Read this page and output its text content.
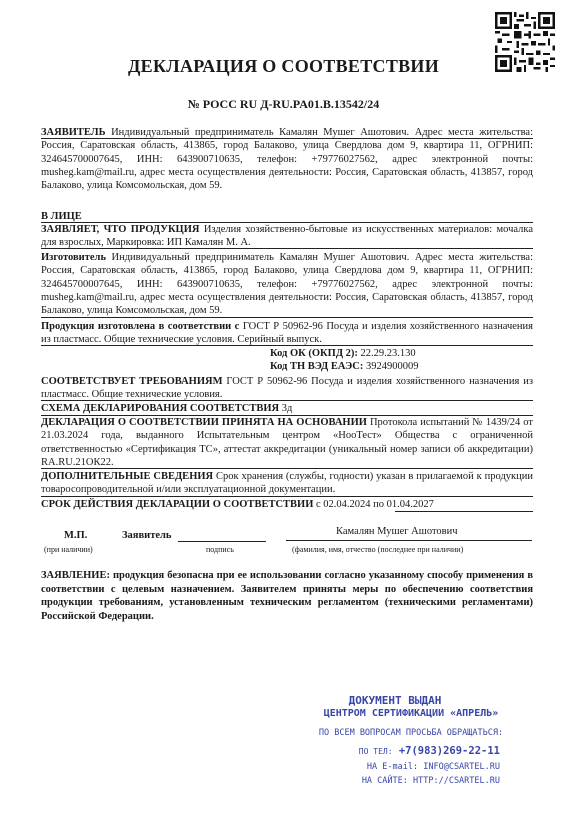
ДЕКЛАРАЦИЯ О СООТВЕТСТВИИ
№ РОСС RU Д-RU.PA01.B.13542/24
ЗАЯВИТЕЛЬ Индивидуальный предприниматель Камалян Мушег Ашотович. Адрес места жительства: Россия, Саратовская область, 413865, город Балаково, улица Свердлова дом 9, квартира 11, ОГРНИП: 324645700007645, ИНН: 643900710635, телефон: +79776027562, адрес электронной почты: musheg.kam@mail.ru, адрес места осуществления деятельности: Россия, Саратовская область, 413857, город Балаково, улица Комсомольская, дом 59.
В ЛИЦЕ
ЗАЯВЛЯЕТ, ЧТО ПРОДУКЦИЯ Изделия хозяйственно-бытовые из искусственных материалов: мочалка для взрослых, Маркировка: ИП Камалян М. А.
Изготовитель Индивидуальный предприниматель Камалян Мушег Ашотович. Адрес места жительства: Россия, Саратовская область, 413865, город Балаково, улица Свердлова дом 9, квартира 11, ОГРНИП: 324645700007645, ИНН: 643900710635, телефон: +79776027562, адрес электронной почты: musheg.kam@mail.ru, адрес места осуществления деятельности: Россия, Саратовская область, 413857, город Балаково, улица Комсомольская, дом 59.
Продукция изготовлена в соответствии с ГОСТ Р 50962-96 Посуда и изделия хозяйственного назначения из пластмасс. Общие технические условия. Серийный выпуск.
Код ОК (ОКПД 2): 22.29.23.130
Код ТН ВЭД ЕАЭС: 3924900009
СООТВЕТСТВУЕТ ТРЕБОВАНИЯМ ГОСТ Р 50962-96 Посуда и изделия хозяйственного назначения из пластмасс. Общие технические условия.
СХЕМА ДЕКЛАРИРОВАНИЯ СООТВЕТСТВИЯ 3д
ДЕКЛАРАЦИЯ О СООТВЕТСТВИИ ПРИНЯТА НА ОСНОВАНИИ Протокола испытаний № 1439/24 от 21.03.2024 года, выданного Испытательным центром «НооТест» Общества с ограниченной ответственностью «Сертификация ТС», аттестат аккредитации (уникальный номер записи об аккредитации) RA.RU.21ОК22.
ДОПОЛНИТЕЛЬНЫЕ СВЕДЕНИЯ Срок хранения (службы, годности) указан в прилагаемой к продукции товаросопроводительной и/или эксплуатационной документации.
СРОК ДЕЙСТВИЯ ДЕКЛАРАЦИИ О СООТВЕТСТВИИ с 02.04.2024 по 01.04.2027
М.П.
(при наличии)
Заявитель
подпись
Камалян Мушег Ашотович
(фамилия, имя, отчество (последнее при наличии)
ЗАЯВЛЕНИЕ: продукция безопасна при ее использовании согласно указанному способу применения в соответствии с целевым назначением. Заявителем приняты меры по обеспечению соответствия продукции требованиям, установленным техническим регламентом (техническими регламентами) Российской Федерации.
ДОКУМЕНТ ВЫДАН
ЦЕНТРОМ СЕРТИФИКАЦИИ «АПРЕЛЬ»
ПО ВСЕМ ВОПРОСАМ ПРОСЬБА ОБРАЩАТЬСЯ:
ПО ТЕЛ: +7(983)269-22-11
НА E-mail: INFO@CSARTEL.RU
НА САЙТЕ: HTTP://CSARTEL.RU
